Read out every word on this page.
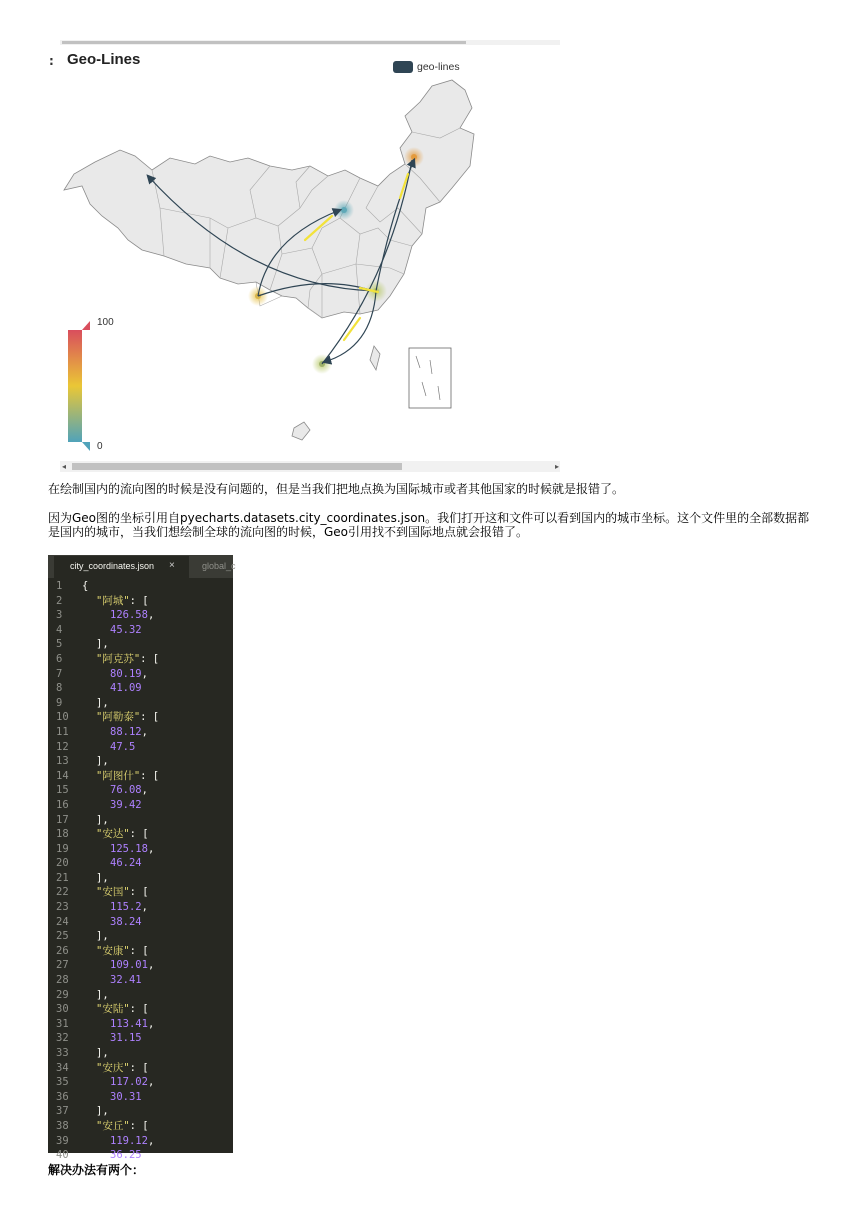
: Geo-Lines	geo-lines
100
0
◂	▸
在绘制国内的流向图的时候是没有问题的，但是当我们把地点换为国际城市或者其他国家的时候就是报错了。
因为Geo图的坐标引用自pyecharts.datasets.city_coordinates.json。我们打开这和文件可以看到国内的城市坐标。这个文件里的全部数据都是国内的城市，当我们想绘制全球的流向图的时候，Geo引用找不到国际地点就会报错了。
city_coordinates.json ×	global_c
1	{
2	"阿城": [
3	126.58,
4	45.32
5	],
6	"阿克苏": [
7	80.19,
8	41.09
9	],
10	"阿勒泰": [
11	88.12,
12	47.5
13	],
14	"阿图什": [
15	76.08,
16	39.42
17	],
18	"安达": [
19	125.18,
20	46.24
21	],
22	"安国": [
23	115.2,
24	38.24
25	],
26	"安康": [
27	109.01,
28	32.41
29	],
30	"安陆": [
31	113.41,
32	31.15
33	],
34	"安庆": [
35	117.02,
36	30.31
37	],
38	"安丘": [
39	119.12,
40	36.25
解决办法有两个：
